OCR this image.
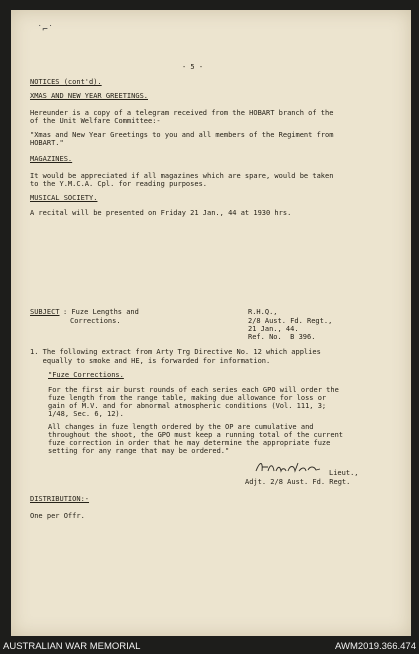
˙⌐˙
- 5 -
NOTICES (cont'd).
XMAS AND NEW YEAR GREETINGS.
Hereunder is a copy of a telegram received from the HOBART branch of the
of the Unit Welfare Committee:-
"Xmas and New Year Greetings to you and all members of the Regiment from
HOBART."
MAGAZINES.
It would be appreciated if all magazines which are spare, would be taken
to the Y.M.C.A. Cpl. for reading purposes.
MUSICAL SOCIETY.
A recital will be presented on Friday 21 Jan., 44 at 1930 hrs.
SUBJECT : Fuze Lengths and
Corrections.
R.H.Q.,
2/8 Aust. Fd. Regt.,
21 Jan., 44.
Ref. No.  B 396.
1. The following extract from Arty Trg Directive No. 12 which applies
equally to smoke and HE, is forwarded for information.
"Fuze Corrections.
For the first air burst rounds of each series each GPO will order the
fuze length from the range table, making due allowance for loss or
gain of M.V. and for abnormal atmospheric conditions (Vol. 111, 3;
1/48, Sec. 6, 12).
All changes in fuze length ordered by the OP are cumulative and
throughout the shoot, the GPO must keep a running total of the current
fuze correction in order that he may determine the appropriate fuze
setting for any range that may be ordered."
Lieut.,
Adjt. 2/8 Aust. Fd. Regt.
DISTRIBUTION:-
One per Offr.
AUSTRALIAN WAR MEMORIAL	AWM2019.366.474
